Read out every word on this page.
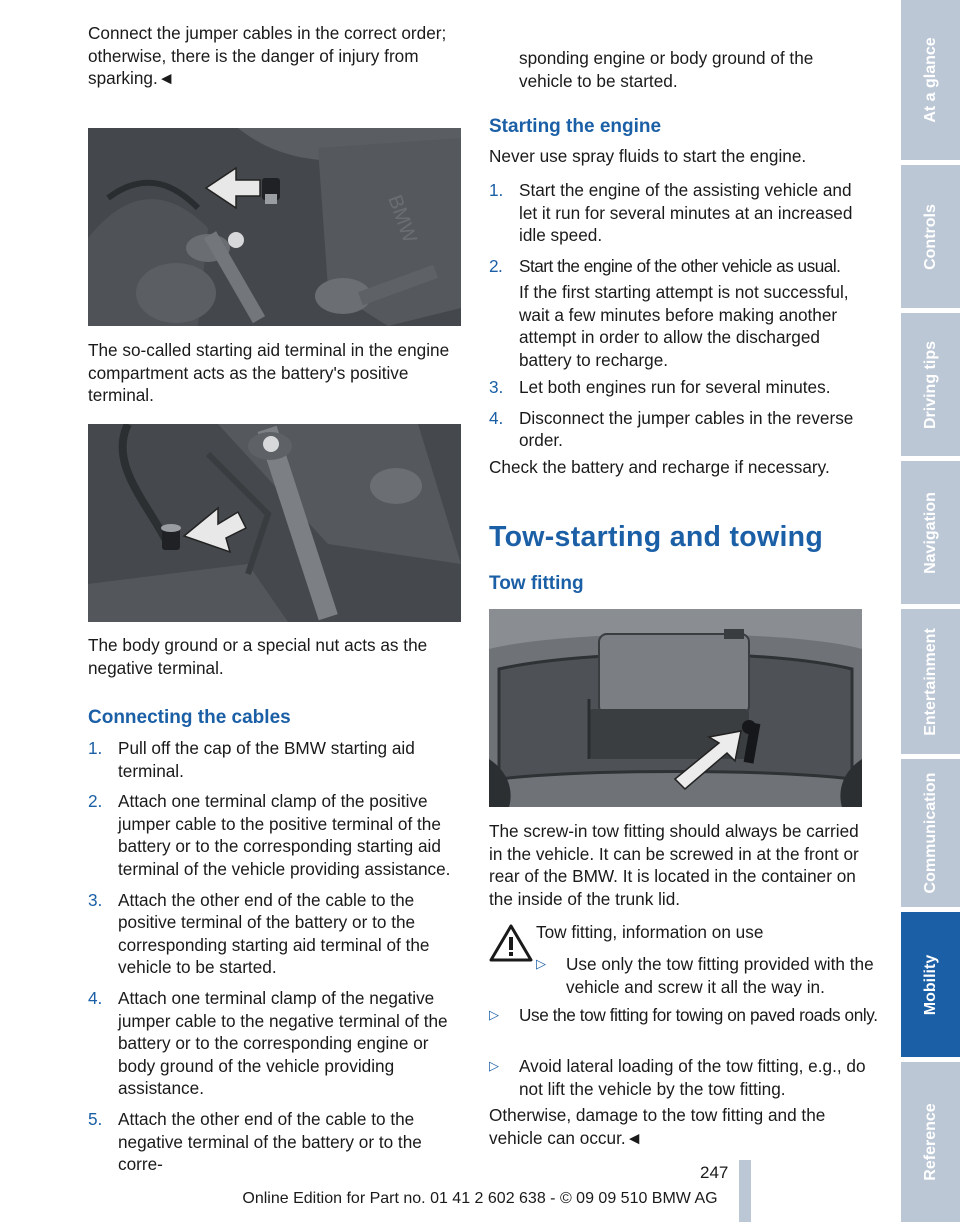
Connect the jumper cables in the correct order; otherwise, there is the danger of injury from sparking.◄

BMW

The so-called starting aid terminal in the engine compartment acts as the battery's positive terminal.

The body ground or a special nut acts as the negative terminal.

Connecting the cables
1. Pull off the cap of the BMW starting aid terminal.
2. Attach one terminal clamp of the positive jumper cable to the positive terminal of the battery or to the corresponding starting aid terminal of the vehicle providing assistance.
3. Attach the other end of the cable to the positive terminal of the battery or to the corresponding starting aid terminal of the vehicle to be started.
4. Attach one terminal clamp of the negative jumper cable to the negative terminal of the battery or to the corresponding engine or body ground of the vehicle providing assistance.
5. Attach the other end of the cable to the negative terminal of the battery or to the corre-

sponding engine or body ground of the vehicle to be started.

Starting the engine

Never use spray fluids to start the engine.

1. Start the engine of the assisting vehicle and let it run for several minutes at an increased idle speed.
2. Start the engine of the other vehicle as usual.

If the first starting attempt is not successful, wait a few minutes before making another attempt in order to allow the discharged battery to recharge.

3. Let both engines run for several minutes.
4. Disconnect the jumper cables in the reverse order.

Check the battery and recharge if necessary.

Tow-starting and towing
Tow fitting

The screw-in tow fitting should always be carried in the vehicle. It can be screwed in at the front or rear of the BMW. It is located in the container on the inside of the trunk lid.

Tow fitting, information on use

▷ Use only the tow fitting provided with the vehicle and screw it all the way in.
▷ Use the tow fitting for towing on paved roads only.
▷ Avoid lateral loading of the tow fitting, e.g., do not lift the vehicle by the tow fitting.

Otherwise, damage to the tow fitting and the vehicle can occur.◄

At a glance
Controls
Driving tips
Navigation
Entertainment
Communication
Mobility
Reference
247
Online Edition for Part no. 01 41 2 602 638 - © 09 09 510 BMW AG
